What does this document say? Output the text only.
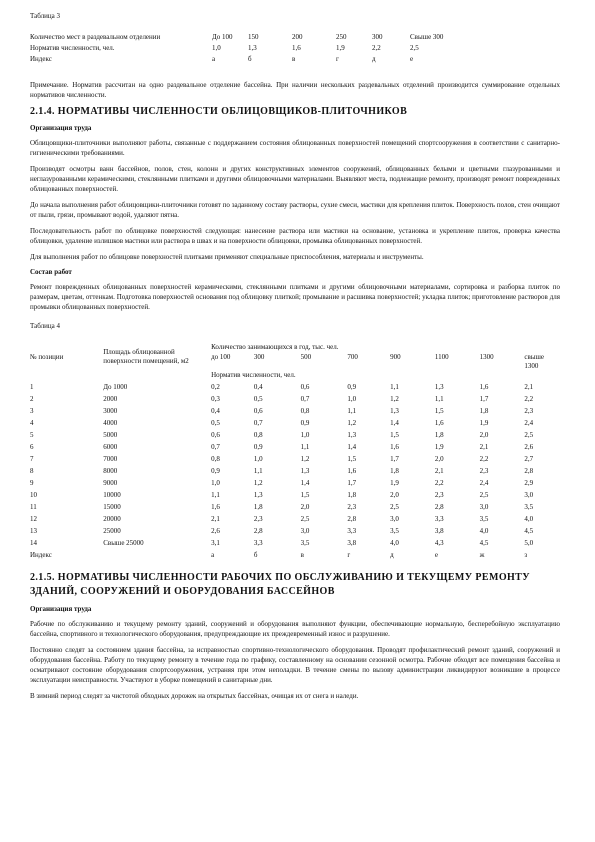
Таблица 3
Количество мест в раздевальном отделении	До 100	150	200	250	300	Свыше 300
Норматив численности, чел.	1,0	1,3	1,6	1,9	2,2	2,5
Индекс	а	б	в	г	д	е

Примечание. Норматив рассчитан на одно раздевальное отделение бассейна. При наличии нескольких раздевальных отделений производится суммирование отдельных нормативов численности.

2.1.4. НОРМАТИВЫ ЧИСЛЕННОСТИ ОБЛИЦОВЩИКОВ-ПЛИТОЧНИКОВ
Организация труда

Облицовщики-плиточники выполняют работы, связанные с поддержанием состояния облицованных поверхностей помещений спортсооружения в соответствии с санитарно-гигиеническими требованиями.

Производят осмотры ванн бассейнов, полов, стен, колонн и других конструктивных элементов сооружений, облицованных белыми и цветными глазурованными и неглазурованными керамическими, стеклянными плитками и другими облицовочными материалами. Выявляют места, подлежащие ремонту, производят ремонт поврежденных облицованных поверхностей.

До начала выполнения работ облицовщики-плиточники готовят по заданному составу растворы, сухие смеси, мастики для крепления плиток. Поверхность полов, стен очищают от пыли, грязи, промывают водой, удаляют пятна.

Последовательность работ по облицовке поверхностей следующая: нанесение раствора или мастики на основание, установка и укрепление плиток, проверка качества облицовки, удаление излишков мастики или раствора в швах и на поверхности облицовки, промывка облицованных поверхностей.

Для выполнения работ по облицовке поверхностей плитками применяют специальные приспособления, материалы и инструменты.

Состав работ

Ремонт поврежденных облицованных поверхностей керамическими, стеклянными плитками и другими облицовочными материалами, сортировка и разборка плиток по размерам, цветам, оттенкам. Подготовка поверхностей основания под облицовку плиткой; промывание и расшивка поверхностей; укладка плиток; приготовление растворов для промывки облицованных поверхностей.

Таблица 4
№ позиции	Площадь облицованной поверхности помещений, м2	Количество занимающихся в год, тыс. чел.							
		до 100	300	500	700	900	1100	1300	свыше 1300
		Норматив численности, чел.							
1	До 1000	0,2	0,4	0,6	0,9	1,1	1,3	1,6	2,1
2	2000	0,3	0,5	0,7	1,0	1,2	1,1	1,7	2,2
3	3000	0,4	0,6	0,8	1,1	1,3	1,5	1,8	2,3
4	4000	0,5	0,7	0,9	1,2	1,4	1,6	1,9	2,4
5	5000	0,6	0,8	1,0	1,3	1,5	1,8	2,0	2,5
6	6000	0,7	0,9	1,1	1,4	1,6	1,9	2,1	2,6
7	7000	0,8	1,0	1,2	1,5	1,7	2,0	2,2	2,7
8	8000	0,9	1,1	1,3	1,6	1,8	2,1	2,3	2,8
9	9000	1,0	1,2	1,4	1,7	1,9	2,2	2,4	2,9
10	10000	1,1	1,3	1,5	1,8	2,0	2,3	2,5	3,0
11	15000	1,6	1,8	2,0	2,3	2,5	2,8	3,0	3,5
12	20000	2,1	2,3	2,5	2,8	3,0	3,3	3,5	4,0
13	25000	2,6	2,8	3,0	3,3	3,5	3,8	4,0	4,5
14	Свыше 25000	3,1	3,3	3,5	3,8	4,0	4,3	4,5	5,0
Индекс		а	б	в	г	д	е	ж	з
2.1.5. НОРМАТИВЫ ЧИСЛЕННОСТИ РАБОЧИХ ПО ОБСЛУЖИВАНИЮ И ТЕКУЩЕМУ РЕМОНТУ ЗДАНИЙ, СООРУЖЕНИЙ И ОБОРУДОВАНИЯ БАССЕЙНОВ
Организация труда

Рабочие по обслуживанию и текущему ремонту зданий, сооружений и оборудования выполняют функции, обеспечивающие нормальную, бесперебойную эксплуатацию бассейна, спортивного и технологического оборудования, предупреждающие их преждевременный износ и разрушение.

Постоянно следят за состоянием здания бассейна, за исправностью спортивно-технологического оборудования. Проводят профилактический ремонт зданий, сооружений и оборудования бассейна. Работу по текущему ремонту в течение года по графику, составленному на основании сезонной осмотра. Рабочие обходят все помещения бассейна и осматривают состояние оборудования спортсооружения, устраняя при этом неполадки. В течение смены по вызову администрации ликвидируют возникшие в процессе эксплуатации неисправности. Участвуют в уборке помещений в санитарные дни.

В зимний период следят за чистотой обходных дорожек на открытых бассейнах, очищая их от снега и наледи.
